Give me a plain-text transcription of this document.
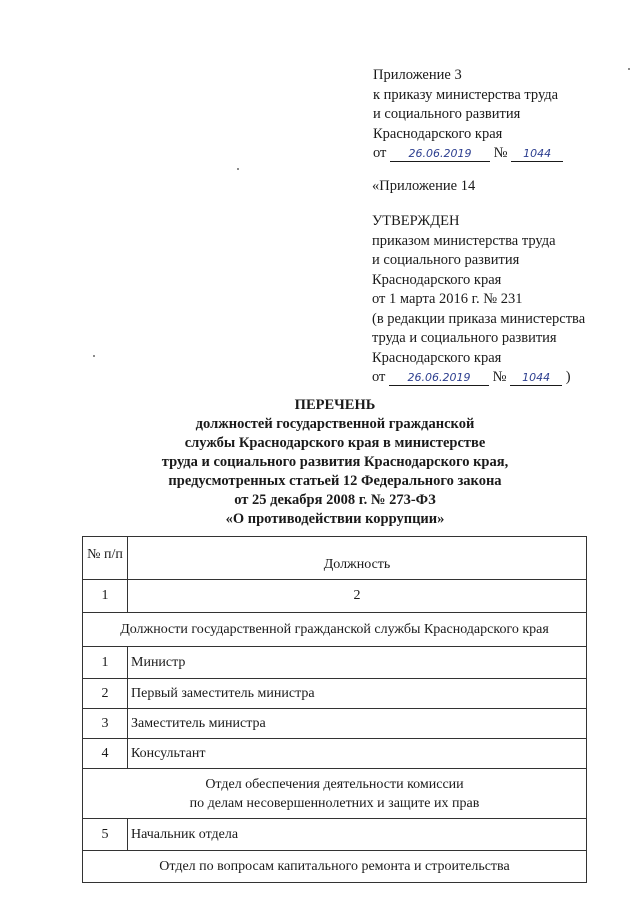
Приложение 3
к приказу министерства труда
и социального развития
Краснодарского края
от 26.06.2019 № 1044
«Приложение 14
УТВЕРЖДЕН
приказом министерства труда
и социального развития
Краснодарского края
от 1 марта 2016 г. № 231
(в редакции приказа министерства
труда и социального развития
Краснодарского края
от 26.06.2019 № 1044 )
ПЕРЕЧЕНЬ
должностей государственной гражданской
службы Краснодарского края в министерстве
труда и социального развития Краснодарского края,
предусмотренных статьей 12 Федерального закона
от 25 декабря 2008 г. № 273-ФЗ
«О противодействии коррупции»
№ п/п	Должность
1	2
Должности государственной гражданской службы Краснодарского края	
1	Министр
2	Первый заместитель министра
3	Заместитель министра
4	Консультант

Отдел обеспечения деятельности комиссии
по делам несовершеннолетних и защите их прав	

5	Начальник отдела
Отдел по вопросам капитального ремонта и строительства	
